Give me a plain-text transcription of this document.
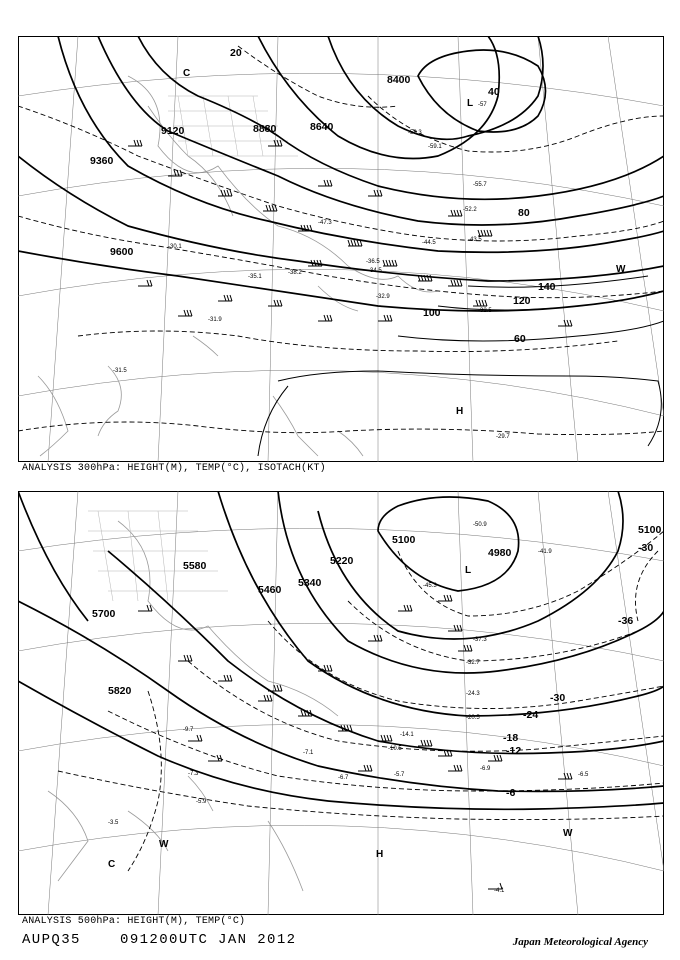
9120
9360
9600
8880	8640
8400
20
40
60
80
100
120
140
-57
-59.1
-58.3
-55.7
-52.2
-47.3
-43.5
-44.5
-36.5
-34.5
-32.9
-32.5
-31.9
-35.1
-38.2
-30.1
-31.5
-29.7
L
H
C
W
ANALYSIS 300hPa: HEIGHT(M), TEMP(°C), ISOTACH(KT)
5100
5220
5340
5460
5580
5700
5820
4980
5100
-30
-36
-30
-24
-18
-12
-6
-45.3
-50.9
-41.9
-37.3
-32.7
-24.3
-20.5
-14.1
-10.5
-7.1
-6.7	-5.7
-6.9
-6.5
-4.1
-3.5
-5.9
-7.3
-9.7
L
H
C
W
W
ANALYSIS 500hPa: HEIGHT(M), TEMP(°C)
AUPQ35	091200UTC JAN 2012	Japan Meteorological Agency
